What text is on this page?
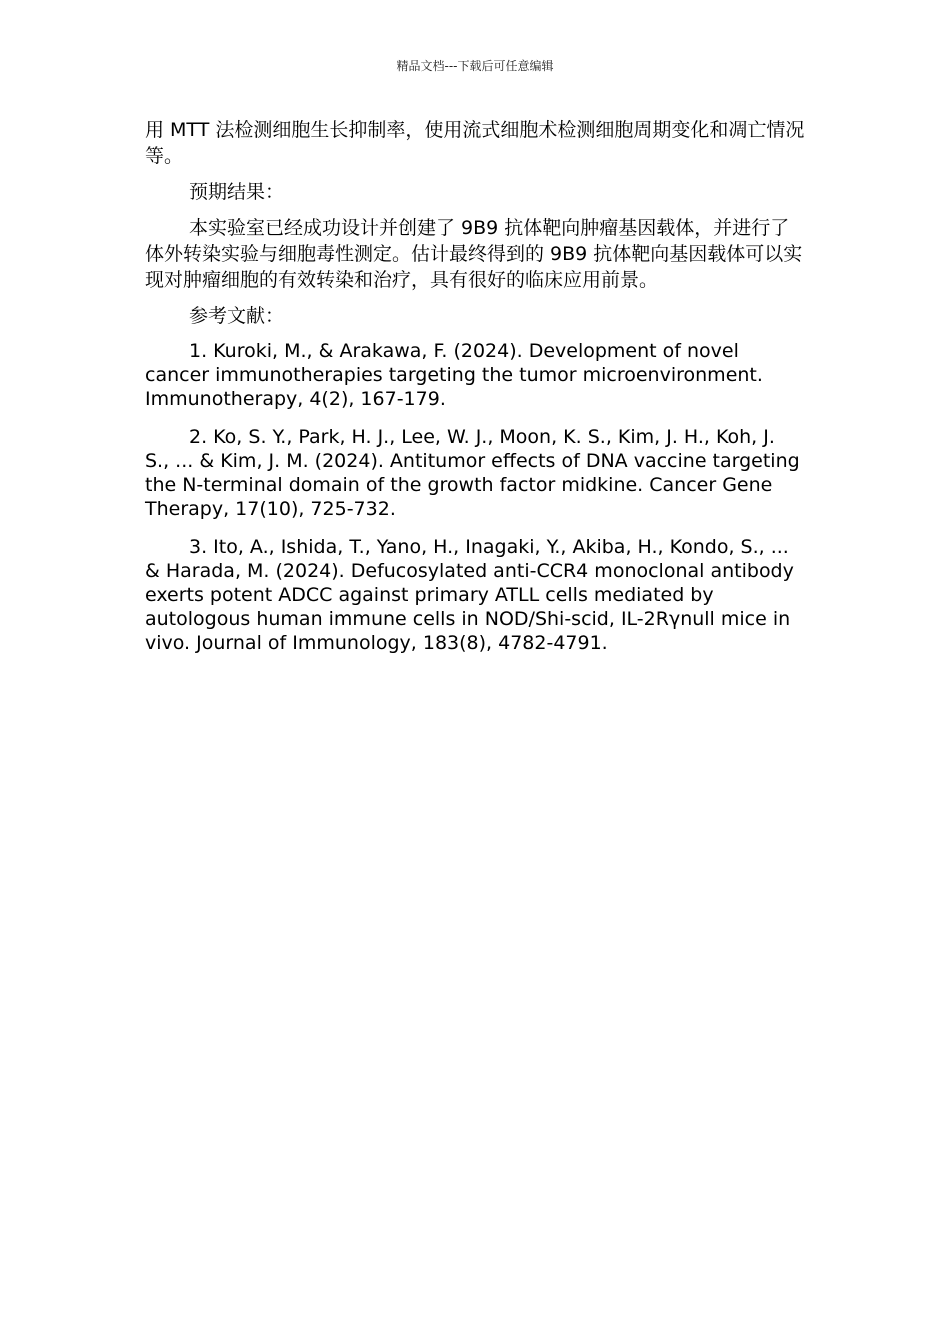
精品文档---下载后可任意编辑

用 MTT 法检测细胞生长抑制率，使用流式细胞术检测细胞周期变化和凋亡情况等。

预期结果：

本实验室已经成功设计并创建了 9B9 抗体靶向肿瘤基因载体，并进行了体外转染实验与细胞毒性测定。估计最终得到的 9B9 抗体靶向基因载体可以实现对肿瘤细胞的有效转染和治疗，具有很好的临床应用前景。

参考文献：

1. Kuroki, M., & Arakawa, F. (2024). Development of novel cancer immunotherapies targeting the tumor microenvironment. Immunotherapy, 4(2), 167-179.

2. Ko, S. Y., Park, H. J., Lee, W. J., Moon, K. S., Kim, J. H., Koh, J. S., ... & Kim, J. M. (2024). Antitumor effects of DNA vaccine targeting the N-terminal domain of the growth factor midkine. Cancer Gene Therapy, 17(10), 725-732.

3. Ito, A., Ishida, T., Yano, H., Inagaki, Y., Akiba, H., Kondo, S., ... & Harada, M. (2024). Defucosylated anti-CCR4 monoclonal antibody exerts potent ADCC against primary ATLL cells mediated by autologous human immune cells in NOD/Shi-scid, IL-2Rγnull mice in vivo. Journal of Immunology, 183(8), 4782-4791.
